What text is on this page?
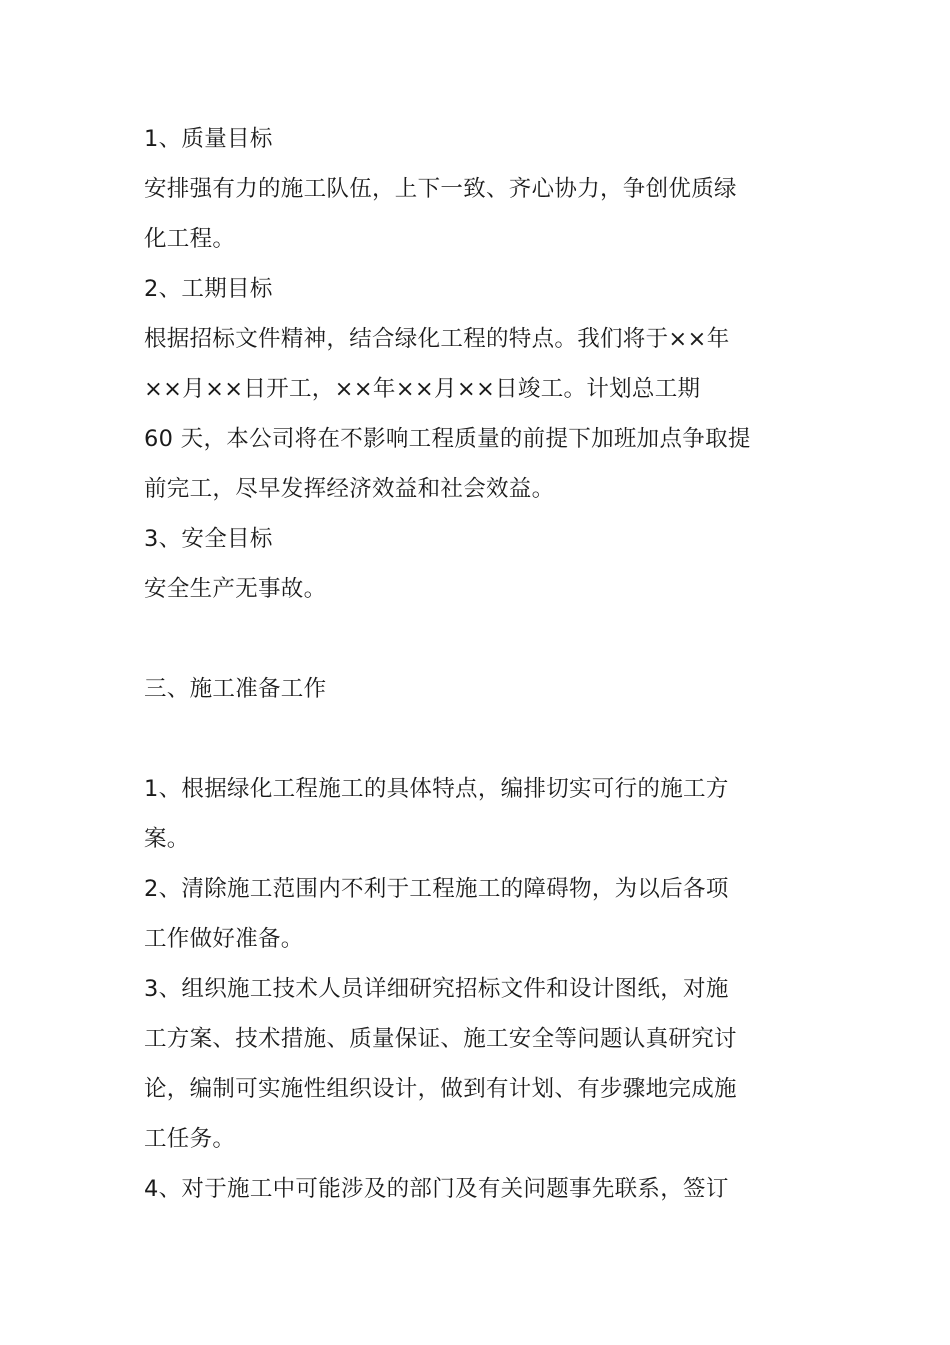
1、质量目标
安排强有力的施工队伍，上下一致、齐心协力，争创优质绿
化工程。
2、工期目标
根据招标文件精神，结合绿化工程的特点。我们将于××年
××月××日开工，××年××月××日竣工。计划总工期
60 天，本公司将在不影响工程质量的前提下加班加点争取提
前完工，尽早发挥经济效益和社会效益。
3、安全目标
安全生产无事故。
三、施工准备工作
1、根据绿化工程施工的具体特点，编排切实可行的施工方
案。
2、清除施工范围内不利于工程施工的障碍物，为以后各项
工作做好准备。
3、组织施工技术人员详细研究招标文件和设计图纸，对施
工方案、技术措施、质量保证、施工安全等问题认真研究讨
论，编制可实施性组织设计，做到有计划、有步骤地完成施
工任务。
4、对于施工中可能涉及的部门及有关问题事先联系，签订
